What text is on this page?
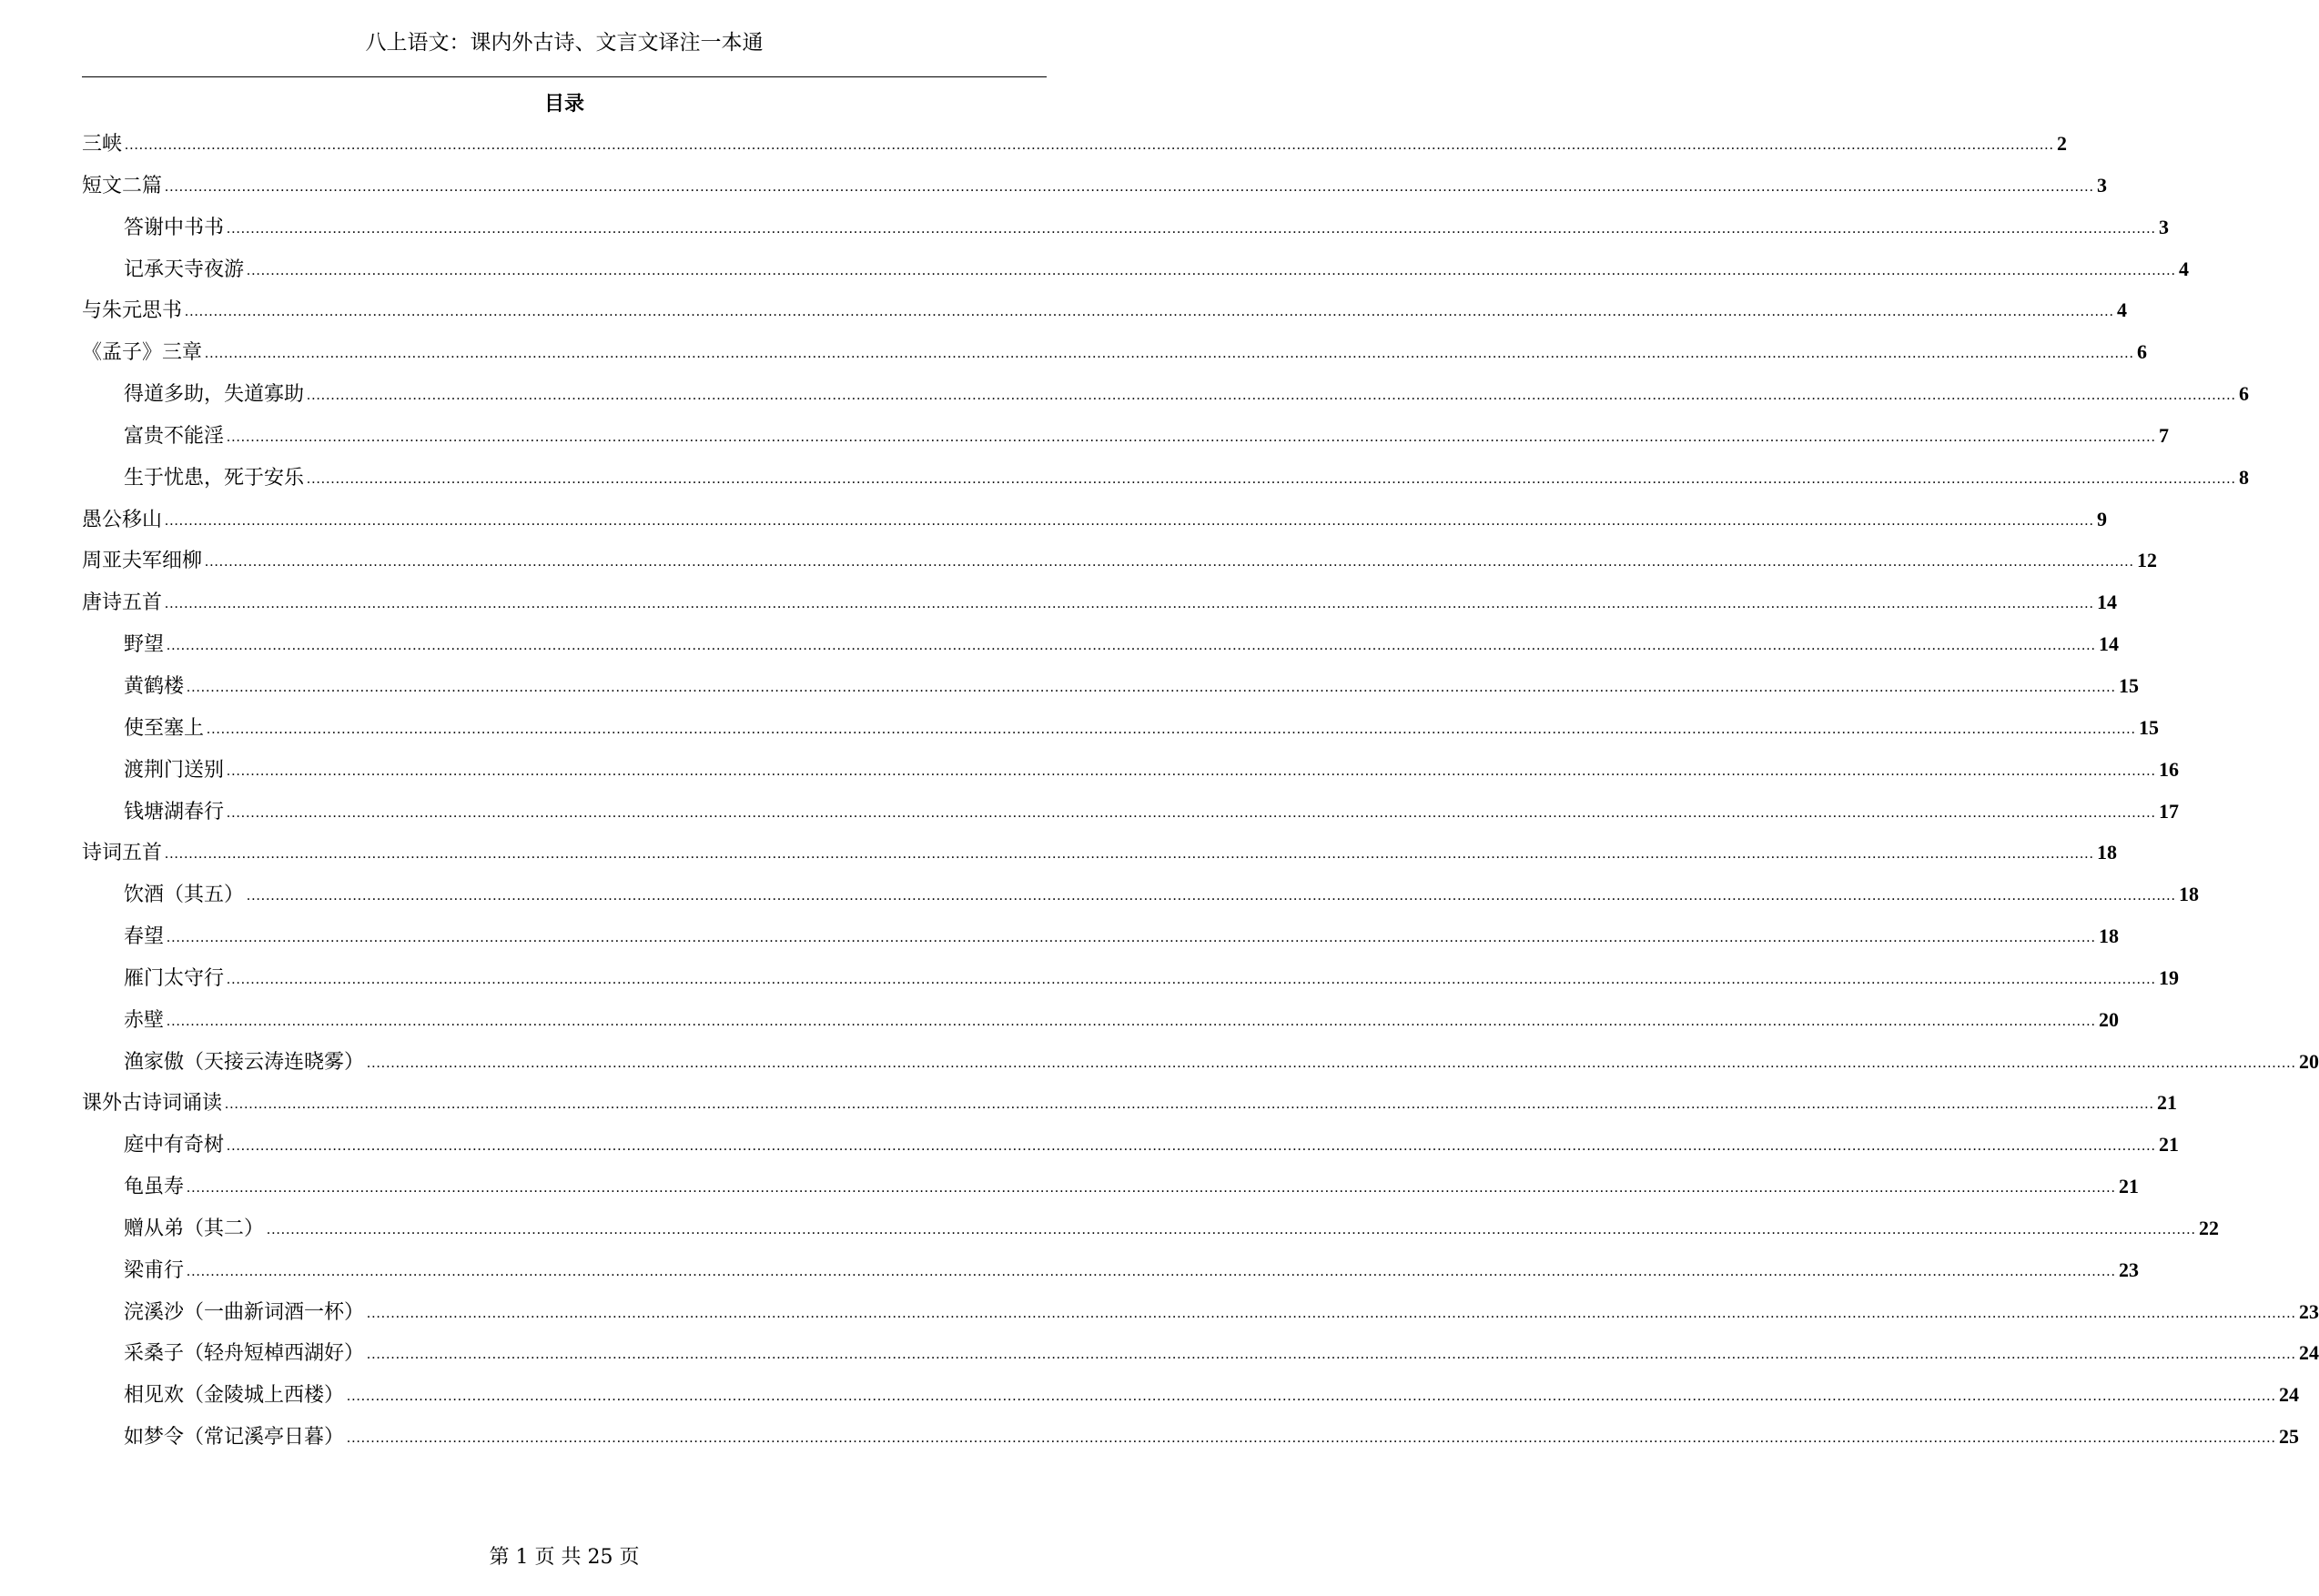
八上语文：课内外古诗、文言文译注一本通
目录
三峡 ................................................................................................................................................................................................................................................................................................................................................................................................................ 2
短文二篇 ................................................................................................................................................................................................................................................................................................................................................................................................................ 3
答谢中书书 ................................................................................................................................................................................................................................................................................................................................................................................................................ 3
记承天寺夜游 ................................................................................................................................................................................................................................................................................................................................................................................................................ 4
与朱元思书 ................................................................................................................................................................................................................................................................................................................................................................................................................ 4
《孟子》三章 ................................................................................................................................................................................................................................................................................................................................................................................................................ 6
得道多助，失道寡助 ................................................................................................................................................................................................................................................................................................................................................................................................................ 6
富贵不能淫 ................................................................................................................................................................................................................................................................................................................................................................................................................ 7
生于忧患，死于安乐 ................................................................................................................................................................................................................................................................................................................................................................................................................ 8
愚公移山 ................................................................................................................................................................................................................................................................................................................................................................................................................ 9
周亚夫军细柳 ................................................................................................................................................................................................................................................................................................................................................................................................................ 12
唐诗五首 ................................................................................................................................................................................................................................................................................................................................................................................................................ 14
野望 ................................................................................................................................................................................................................................................................................................................................................................................................................ 14
黄鹤楼 ................................................................................................................................................................................................................................................................................................................................................................................................................ 15
使至塞上 ................................................................................................................................................................................................................................................................................................................................................................................................................ 15
渡荆门送别 ................................................................................................................................................................................................................................................................................................................................................................................................................ 16
钱塘湖春行 ................................................................................................................................................................................................................................................................................................................................................................................................................ 17
诗词五首 ................................................................................................................................................................................................................................................................................................................................................................................................................ 18
饮酒（其五） ................................................................................................................................................................................................................................................................................................................................................................................................................ 18
春望 ................................................................................................................................................................................................................................................................................................................................................................................................................ 18
雁门太守行 ................................................................................................................................................................................................................................................................................................................................................................................................................ 19
赤壁 ................................................................................................................................................................................................................................................................................................................................................................................................................ 20
渔家傲（天接云涛连晓雾） ................................................................................................................................................................................................................................................................................................................................................................................................................ 20
课外古诗词诵读 ................................................................................................................................................................................................................................................................................................................................................................................................................ 21
庭中有奇树 ................................................................................................................................................................................................................................................................................................................................................................................................................ 21
龟虽寿 ................................................................................................................................................................................................................................................................................................................................................................................................................ 21
赠从弟（其二） ................................................................................................................................................................................................................................................................................................................................................................................................................ 22
梁甫行 ................................................................................................................................................................................................................................................................................................................................................................................................................ 23
浣溪沙（一曲新词酒一杯） ................................................................................................................................................................................................................................................................................................................................................................................................................ 23
采桑子（轻舟短棹西湖好） ................................................................................................................................................................................................................................................................................................................................................................................................................ 24
相见欢（金陵城上西楼） ................................................................................................................................................................................................................................................................................................................................................................................................................ 24
如梦令（常记溪亭日暮） ................................................................................................................................................................................................................................................................................................................................................................................................................ 25
第 1 页 共 25 页
